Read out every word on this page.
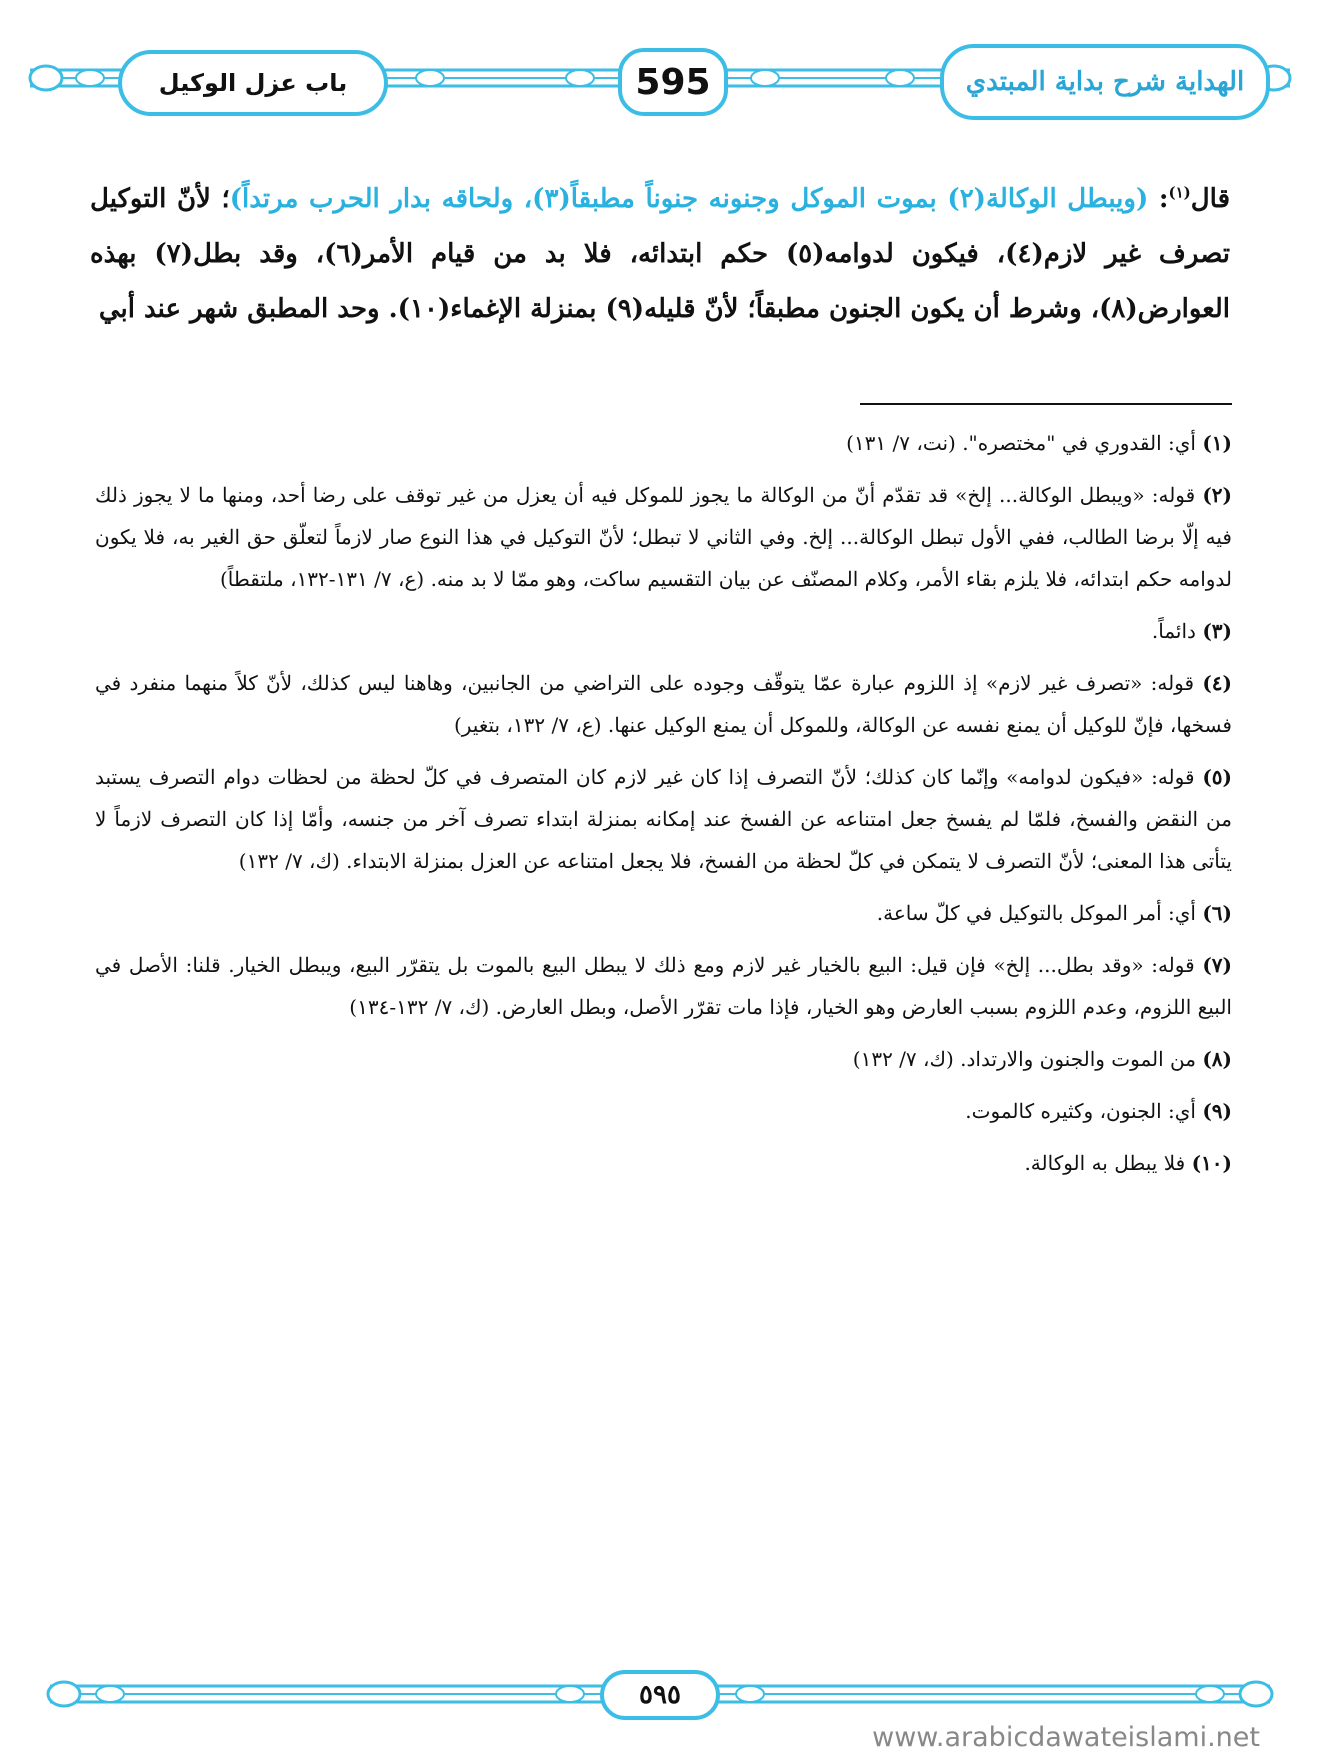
باب عزل الوكيل	595	الهداية شرح بداية المبتدي
قال$^{(١)}$: (ويبطل الوكالة(٢) بموت الموكل وجنونه جنوناً مطبقاً(٣)، ولحاقه بدار الحرب مرتداً)؛ لأنّ التوكيل تصرف غير لازم(٤)، فيكون لدوامه(٥) حكم ابتدائه، فلا بد من قيام الأمر(٦)، وقد بطل(٧) بهذه العوارض(٨)، وشرط أن يكون الجنون مطبقاً؛ لأنّ قليله(٩) بمنزلة الإغماء(١٠). وحد المطبق شهر عند أبي
(١) أي: القدوري في "مختصره". (نت، ٧/ ١٣١)
(٢) قوله: «ويبطل الوكالة... إلخ» قد تقدّم أنّ من الوكالة ما يجوز للموكل فيه أن يعزل من غير توقف على رضا أحد، ومنها ما لا يجوز ذلك فيه إلّا برضا الطالب، ففي الأول تبطل الوكالة... إلخ. وفي الثاني لا تبطل؛ لأنّ التوكيل في هذا النوع صار لازماً لتعلّق حق الغير به، فلا يكون لدوامه حكم ابتدائه، فلا يلزم بقاء الأمر، وكلام المصنّف عن بيان التقسيم ساكت، وهو ممّا لا بد منه. (ع، ٧/ ١٣١-١٣٢، ملتقطاً)
(٣) دائماً.
(٤) قوله: «تصرف غير لازم» إذ اللزوم عبارة عمّا يتوقّف وجوده على التراضي من الجانبين، وهاهنا ليس كذلك، لأنّ كلاً منهما منفرد في فسخها، فإنّ للوكيل أن يمنع نفسه عن الوكالة، وللموكل أن يمنع الوكيل عنها. (ع، ٧/ ١٣٢، بتغير)
(٥) قوله: «فيكون لدوامه» وإنّما كان كذلك؛ لأنّ التصرف إذا كان غير لازم كان المتصرف في كلّ لحظة من لحظات دوام التصرف يستبد من النقض والفسخ، فلمّا لم يفسخ جعل امتناعه عن الفسخ عند إمكانه بمنزلة ابتداء تصرف آخر من جنسه، وأمّا إذا كان التصرف لازماً لا يتأتى هذا المعنى؛ لأنّ التصرف لا يتمكن في كلّ لحظة من الفسخ، فلا يجعل امتناعه عن العزل بمنزلة الابتداء. (ك، ٧/ ١٣٢)
(٦) أي: أمر الموكل بالتوكيل في كلّ ساعة.
(٧) قوله: «وقد بطل... إلخ» فإن قيل: البيع بالخيار غير لازم ومع ذلك لا يبطل البيع بالموت بل يتقرّر البيع، ويبطل الخيار. قلنا: الأصل في البيع اللزوم، وعدم اللزوم بسبب العارض وهو الخيار، فإذا مات تقرّر الأصل، وبطل العارض. (ك، ٧/ ١٣٢-١٣٤)
(٨) من الموت والجنون والارتداد. (ك، ٧/ ١٣٢)
(٩) أي: الجنون، وكثيره كالموت.
(١٠) فلا يبطل به الوكالة.
٥٩٥
www.arabicdawateislami.net
